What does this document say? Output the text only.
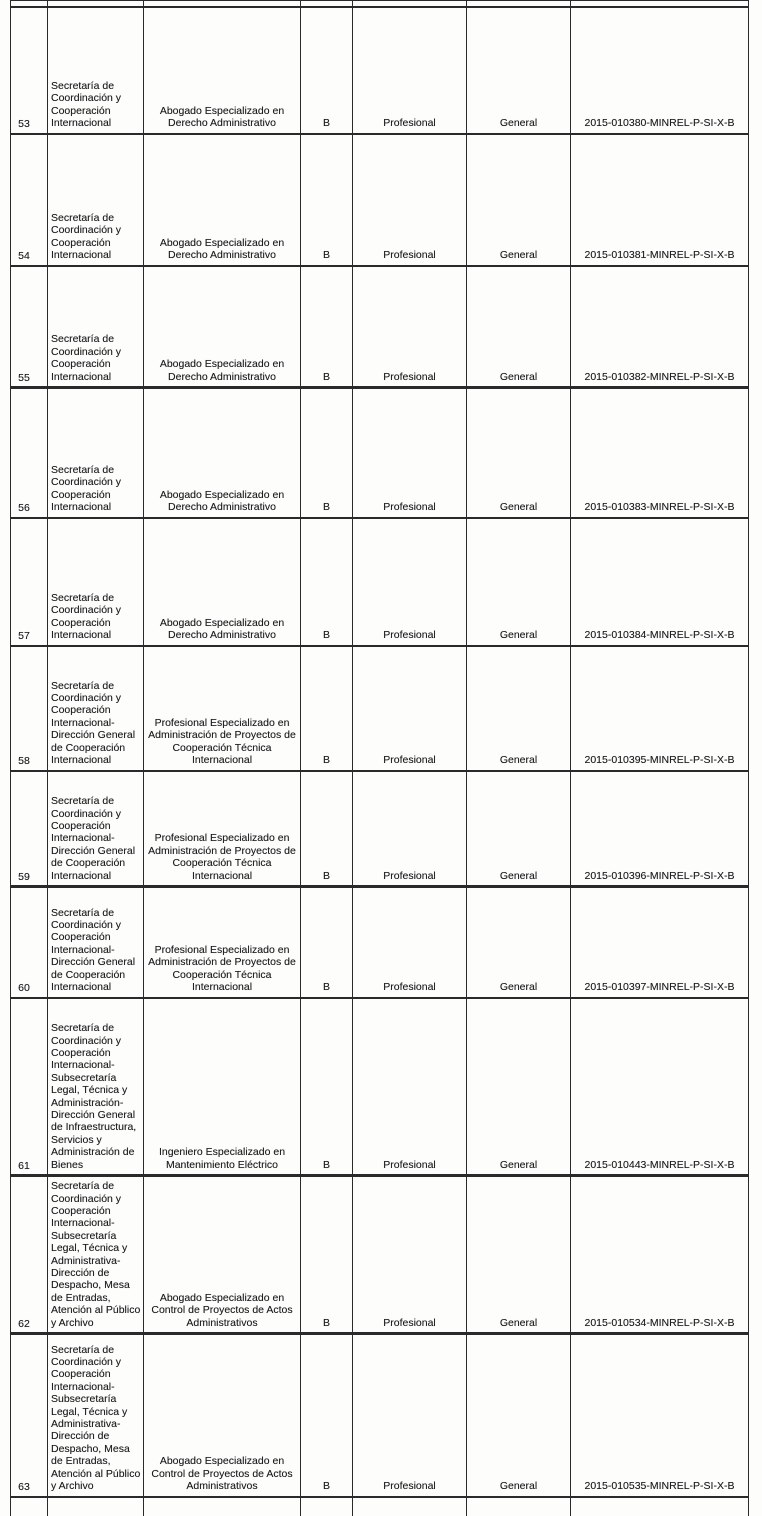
53	Secretaría de Coordinación y Cooperación Internacional	Abogado Especializado en Derecho Administrativo	B	Profesional	General	2015-010380-MINREL-P-SI-X-B
54	Secretaría de Coordinación y Cooperación Internacional	Abogado Especializado en Derecho Administrativo	B	Profesional	General	2015-010381-MINREL-P-SI-X-B
55	Secretaría de Coordinación y Cooperación Internacional	Abogado Especializado en Derecho Administrativo	B	Profesional	General	2015-010382-MINREL-P-SI-X-B
56	Secretaría de Coordinación y Cooperación Internacional	Abogado Especializado en Derecho Administrativo	B	Profesional	General	2015-010383-MINREL-P-SI-X-B
57	Secretaría de Coordinación y Cooperación Internacional	Abogado Especializado en Derecho Administrativo	B	Profesional	General	2015-010384-MINREL-P-SI-X-B
58	Secretaría de Coordinación y Cooperación Internacional-Dirección General de Cooperación Internacional	Profesional Especializado en Administración de Proyectos de Cooperación Técnica Internacional	B	Profesional	General	2015-010395-MINREL-P-SI-X-B
59	Secretaría de Coordinación y Cooperación Internacional-Dirección General de Cooperación Internacional	Profesional Especializado en Administración de Proyectos de Cooperación Técnica Internacional	B	Profesional	General	2015-010396-MINREL-P-SI-X-B
60	Secretaría de Coordinación y Cooperación Internacional-Dirección General de Cooperación Internacional	Profesional Especializado en Administración de Proyectos de Cooperación Técnica Internacional	B	Profesional	General	2015-010397-MINREL-P-SI-X-B
61	Secretaría de Coordinación y Cooperación Internacional-Subsecretaría Legal, Técnica y Administración-Dirección General de Infraestructura, Servicios y Administración de Bienes	Ingeniero Especializado en Mantenimiento Eléctrico	B	Profesional	General	2015-010443-MINREL-P-SI-X-B
62	Secretaría de Coordinación y Cooperación Internacional-Subsecretaría Legal, Técnica y Administrativa-Dirección de Despacho, Mesa de Entradas, Atención al Público y Archivo	Abogado Especializado en Control de Proyectos de Actos Administrativos	B	Profesional	General	2015-010534-MINREL-P-SI-X-B
63	Secretaría de Coordinación y Cooperación Internacional-Subsecretaría Legal, Técnica y Administrativa-Dirección de Despacho, Mesa de Entradas, Atención al Público y Archivo	Abogado Especializado en Control de Proyectos de Actos Administrativos	B	Profesional	General	2015-010535-MINREL-P-SI-X-B
